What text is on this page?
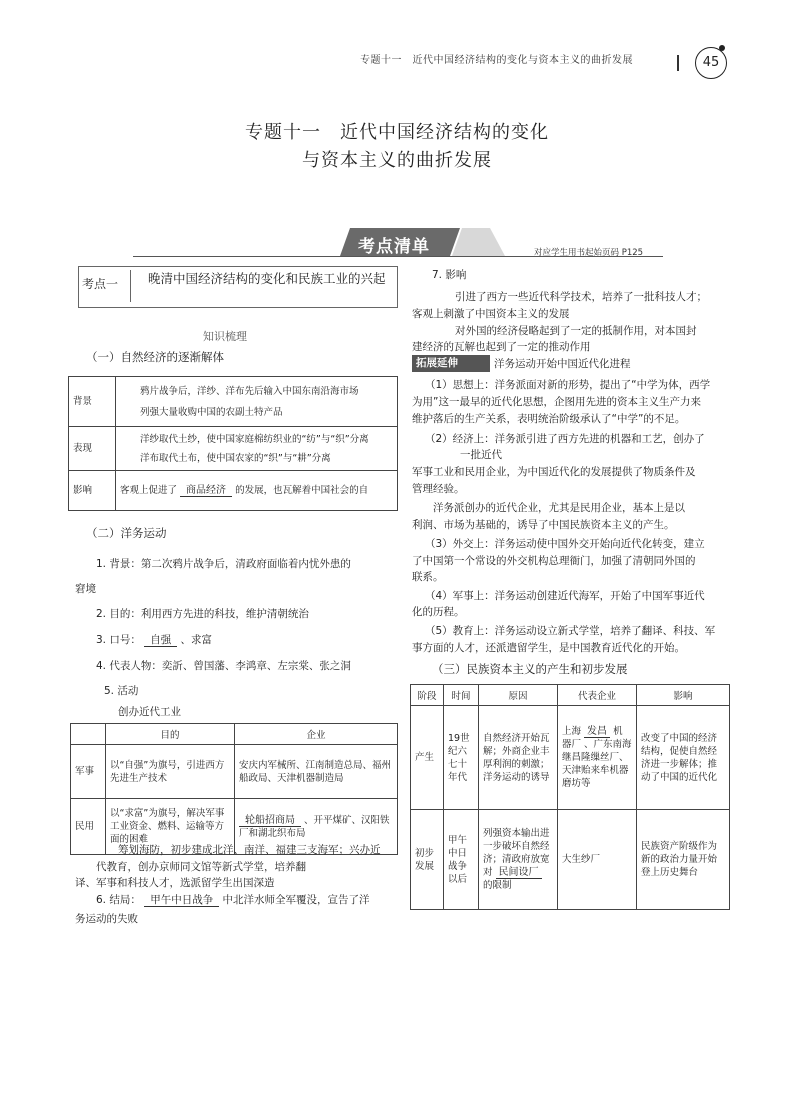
专题十一　近代中国经济结构的变化与资本主义的曲折发展	45
专题十一　近代中国经济结构的变化
与资本主义的曲折发展
考点清单	对应学生用书起始页码 P125
考点一 晚清中国经济结构的变化和民族工业的兴起
知识梳理
（一）自然经济的逐渐解体
背景	鸦片战争后，洋纱、洋布先后输入中国东南沿海市场
列强大量收购中国的农副土特产品

表现	洋纱取代土纱，使中国家庭棉纺织业的“纺”与“织”分离
洋布取代土布，使中国农家的“织”与“耕”分离

影响	客观上促进了 商品经济 的发展，也瓦解着中国社会的自
（二）洋务运动
1. 背景：第二次鸦片战争后，清政府面临着内忧外患的
窘境
2. 目的：利用西方先进的科技，维护清朝统治
3. 口号： 自强 、求富
4. 代表人物：奕訢、曾国藩、李鸿章、左宗棠、张之洞
5. 活动
创办近代工业
	目的	企业
军事	以“自强”为旗号，引进西方先进生产技术	安庆内军械所、江南制造总局、福州船政局、天津机器制造局
民用	以“求富”为旗号，解决军事工业资金、燃料、运输等方面的困难	轮船招商局 、开平煤矿、汉阳铁厂和湖北织布局
筹划海防，初步建成北洋、南洋、福建三支海军；兴办近
代教育，创办京师同文馆等新式学堂，培养翻
译、军事和科技人才，选派留学生出国深造
6. 结局： 甲午中日战争 中北洋水师全军覆没，宣告了洋
务运动的失败
7. 影响
引进了西方一些近代科学技术，培养了一批科技人才；
客观上刺激了中国资本主义的发展
对外国的经济侵略起到了一定的抵制作用，对本国封
建经济的瓦解也起到了一定的推动作用
拓展延伸	洋务运动开始中国近代化进程
（1）思想上：洋务派面对新的形势，提出了“中学为体，西学
为用”这一最早的近代化思想，企图用先进的资本主义生产力来
维护落后的生产关系，表明统治阶级承认了“中学”的不足。
（2）经济上：洋务派引进了西方先进的机器和工艺，创办了
一批近代
军事工业和民用企业，为中国近代化的发展提供了物质条件及
管理经验。
洋务派创办的近代企业，尤其是民用企业，基本上是以
利润、市场为基础的，诱导了中国民族资本主义的产生。
（3）外交上：洋务运动使中国外交开始向近代化转变，建立
了中国第一个常设的外交机构总理衙门，加强了清朝同外国的
联系。
（4）军事上：洋务运动创建近代海军，开始了中国军事近代
化的历程。
（5）教育上：洋务运动设立新式学堂，培养了翻译、科技、军
事方面的人才，还派遣留学生，是中国教育近代化的开始。
（三）民族资本主义的产生和初步发展
阶段	时间	原因	代表企业	影响
产生	19世纪六七十年代	自然经济开始瓦解；外商企业丰厚利润的刺激；洋务运动的诱导	上海 发昌 机器厂 、广东南海继昌隆缫丝厂、天津贻来牟机器磨坊等	改变了中国的经济结构，促使自然经济进一步解体；推动了中国的近代化
初步发展	甲午中日战争以后	列强资本输出进一步破坏自然经济；清政府放宽对 民间设厂 的限制	大生纱厂	民族资产阶级作为新的政治力量开始登上历史舞台
